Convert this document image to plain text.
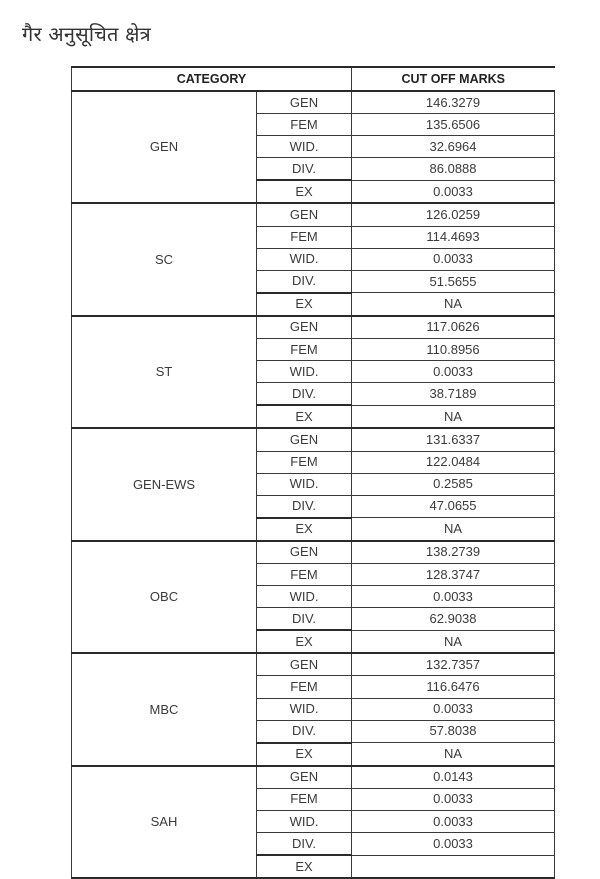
गैर अनुसूचित क्षेत्र
CATEGORY		CUT OFF MARKS
GEN	GEN	146.3279
	FEM	135.6506
	WID.	32.6964
	DIV.	86.0888
	EX	0.0033
SC	GEN	126.0259
	FEM	114.4693
	WID.	0.0033
	DIV.	51.5655
	EX	NA
ST	GEN	117.0626
	FEM	110.8956
	WID.	0.0033
	DIV.	38.7189
	EX	NA
GEN-EWS	GEN	131.6337
	FEM	122.0484
	WID.	0.2585
	DIV.	47.0655
	EX	NA
OBC	GEN	138.2739
	FEM	128.3747
	WID.	0.0033
	DIV.	62.9038
	EX	NA
MBC	GEN	132.7357
	FEM	116.6476
	WID.	0.0033
	DIV.	57.8038
	EX	NA
SAH	GEN	0.0143
	FEM	0.0033
	WID.	0.0033
	DIV.	0.0033
	EX	
